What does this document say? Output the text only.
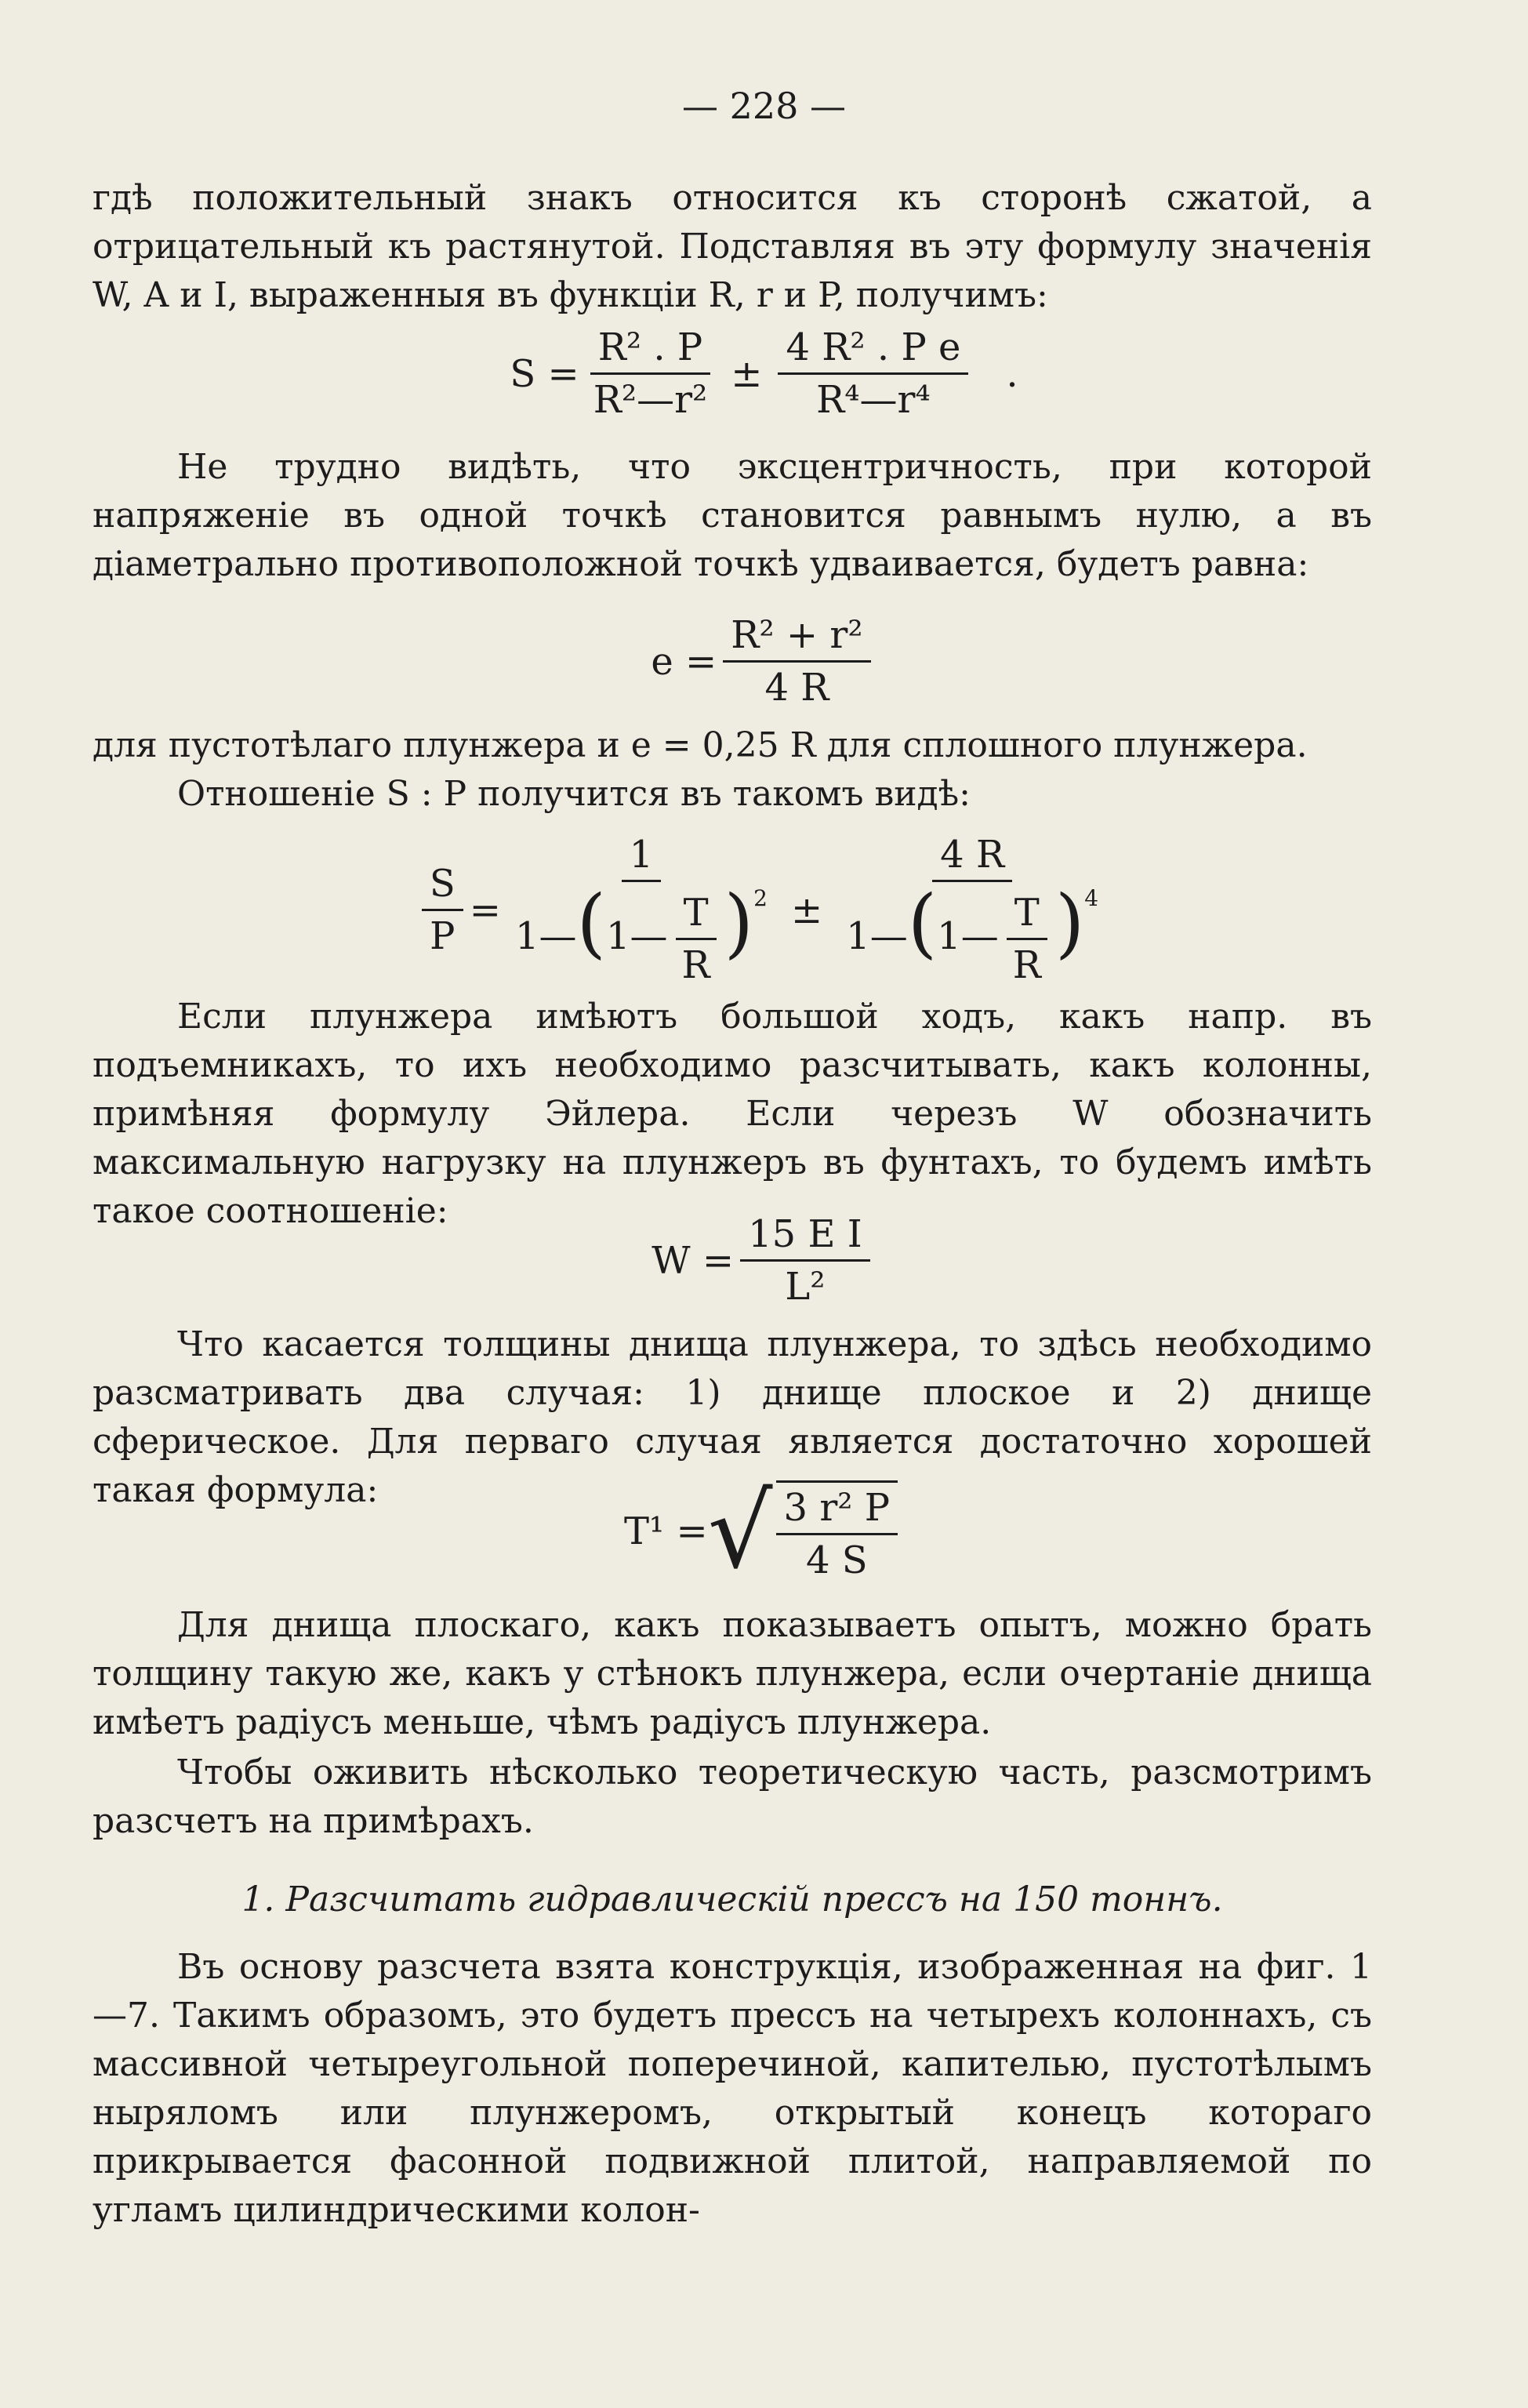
— 228 —
гдѣ положительный знакъ относится къ сторонѣ сжатой, а отрицательный къ растянутой. Подставляя въ эту формулу значенія W, A и I, выраженныя въ функціи R, r и P, получимъ:
$S = \frac{\text{R² . P}}{\text{R²—r²}} \pm \frac{\text{4 R² . P e}}{\text{R⁴—r⁴}}$ .
Не трудно видѣть, что эксцентричность, при которой напряженіе въ одной точкѣ становится равнымъ нулю, а въ діаметрально противоположной точкѣ удваивается, будетъ равна:
$e = \frac{\text{R² + r²}}{4 R}$
для пустотѣлаго плунжера и e = 0,25 R для сплошного плунжера.
Отношеніе S : P получится въ такомъ видѣ:
$\frac{S}{P} = \frac{1}{1—(1— \frac{T}{R} )^2} \pm \frac{4 R}{1—(1— \frac{T}{R} )^4}$
Если плунжера имѣютъ большой ходъ, какъ напр. въ подъемникахъ, то ихъ необходимо разсчитывать, какъ колонны, примѣняя формулу Эйлера. Если черезъ W обозначить максимальную нагрузку на плунжеръ въ фунтахъ, то будемъ имѣть такое соотношеніе:
$W = \frac{\text{15 E I}}{\text{L²}}$
Что касается толщины днища плунжера, то здѣсь необходимо разсматривать два случая: 1) днище плоское и 2) днище сферическое. Для перваго случая является достаточно хорошей такая формула:
T¹ = √ $\frac{\text{3 r² P}}{4 S}$
Для днища плоскаго, какъ показываетъ опытъ, можно брать толщину такую же, какъ у стѣнокъ плунжера, если очертаніе днища имѣетъ радіусъ меньше, чѣмъ радіусъ плунжера.
Чтобы оживить нѣсколько теоретическую часть, разсмотримъ разсчетъ на примѣрахъ.
1. Разсчитать гидравлическій прессъ на 150 тоннъ.
Въ основу разсчета взята конструкція, изображенная на фиг. 1—7. Такимъ образомъ, это будетъ прессъ на четырехъ колоннахъ, съ массивной четыреугольной поперечиной, капителью, пустотѣлымъ ныряломъ или плунжеромъ, открытый конецъ котораго прикрывается фасонной подвижной плитой, направляемой по угламъ цилиндрическими колон-
